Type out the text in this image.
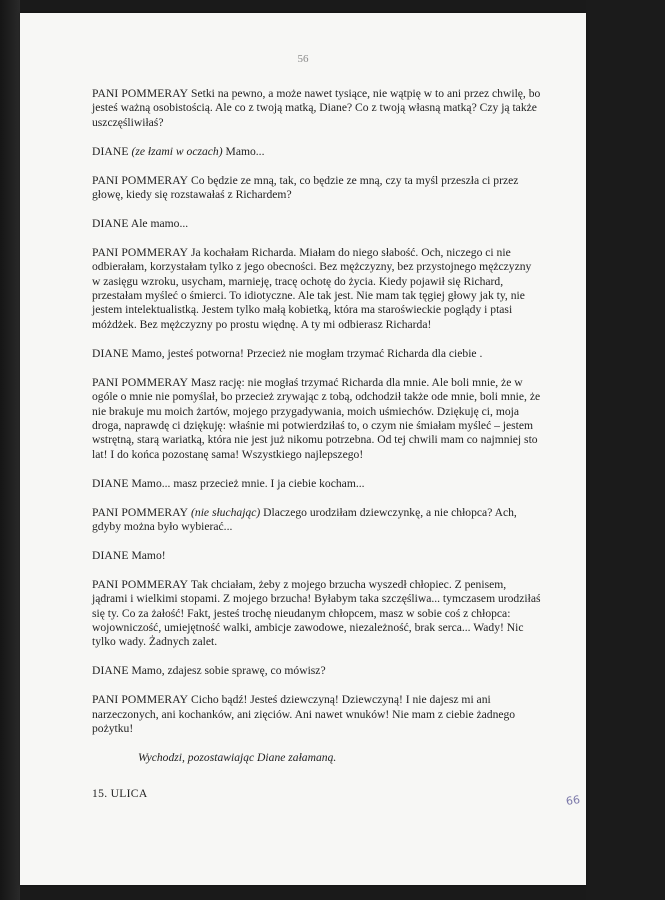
56

PANI POMMERAY Setki na pewno, a może nawet tysiące, nie wątpię w to ani przez chwilę, bo jesteś ważną osobistością. Ale co z twoją matką, Diane? Co z twoją własną matką? Czy ją także uszczęśliwiłaś?

DIANE (ze łzami w oczach) Mamo...

PANI POMMERAY Co będzie ze mną, tak, co będzie ze mną, czy ta myśl przeszła ci przez głowę, kiedy się rozstawałaś z Richardem?

DIANE Ale mamo...

PANI POMMERAY Ja kochałam Richarda. Miałam do niego słabość. Och, niczego ci nie odbierałam, korzystałam tylko z jego obecności. Bez mężczyzny, bez przystojnego mężczyzny w zasięgu wzroku, usycham, marnieję, tracę ochotę do życia. Kiedy pojawił się Richard, przestałam myśleć o śmierci. To idiotyczne. Ale tak jest. Nie mam tak tęgiej głowy jak ty, nie jestem intelektualistką. Jestem tylko małą kobietką, która ma staroświeckie poglądy i ptasi móżdżek. Bez mężczyzny po prostu więdnę. A ty mi odbierasz Richarda!

DIANE Mamo, jesteś potworna! Przecież nie mogłam trzymać Richarda dla ciebie .

PANI POMMERAY Masz rację: nie mogłaś trzymać Richarda dla mnie. Ale boli mnie, że w ogóle o mnie nie pomyślał, bo przecież zrywając z tobą, odchodził także ode mnie, boli mnie, że nie brakuje mu moich żartów, mojego przygadywania, moich uśmiechów. Dziękuję ci, moja droga, naprawdę ci dziękuję: właśnie mi potwierdziłaś to, o czym nie śmiałam myśleć – jestem wstrętną, starą wariatką, która nie jest już nikomu potrzebna. Od tej chwili mam co najmniej sto lat! I do końca pozostanę sama! Wszystkiego najlepszego!

DIANE Mamo... masz przecież mnie. I ja ciebie kocham...

PANI POMMERAY (nie słuchając) Dlaczego urodziłam dziewczynkę, a nie chłopca? Ach, gdyby można było wybierać...

DIANE Mamo!

PANI POMMERAY Tak chciałam, żeby z mojego brzucha wyszedł chłopiec. Z penisem, jądrami i wielkimi stopami. Z mojego brzucha! Byłabym taka szczęśliwa... tymczasem urodziłaś się ty. Co za żałość! Fakt, jesteś trochę nieudanym chłopcem, masz w sobie coś z chłopca: wojowniczość, umiejętność walki, ambicje zawodowe, niezależność, brak serca... Wady! Nic tylko wady. Żadnych zalet.

DIANE Mamo, zdajesz sobie sprawę, co mówisz?

PANI POMMERAY Cicho bądź! Jesteś dziewczyną! Dziewczyną! I nie dajesz mi ani narzeczonych, ani kochanków, ani zięciów. Ani nawet wnuków! Nie mam z ciebie żadnego pożytku!

Wychodzi, pozostawiając Diane załamaną.
15. ULICA	66
